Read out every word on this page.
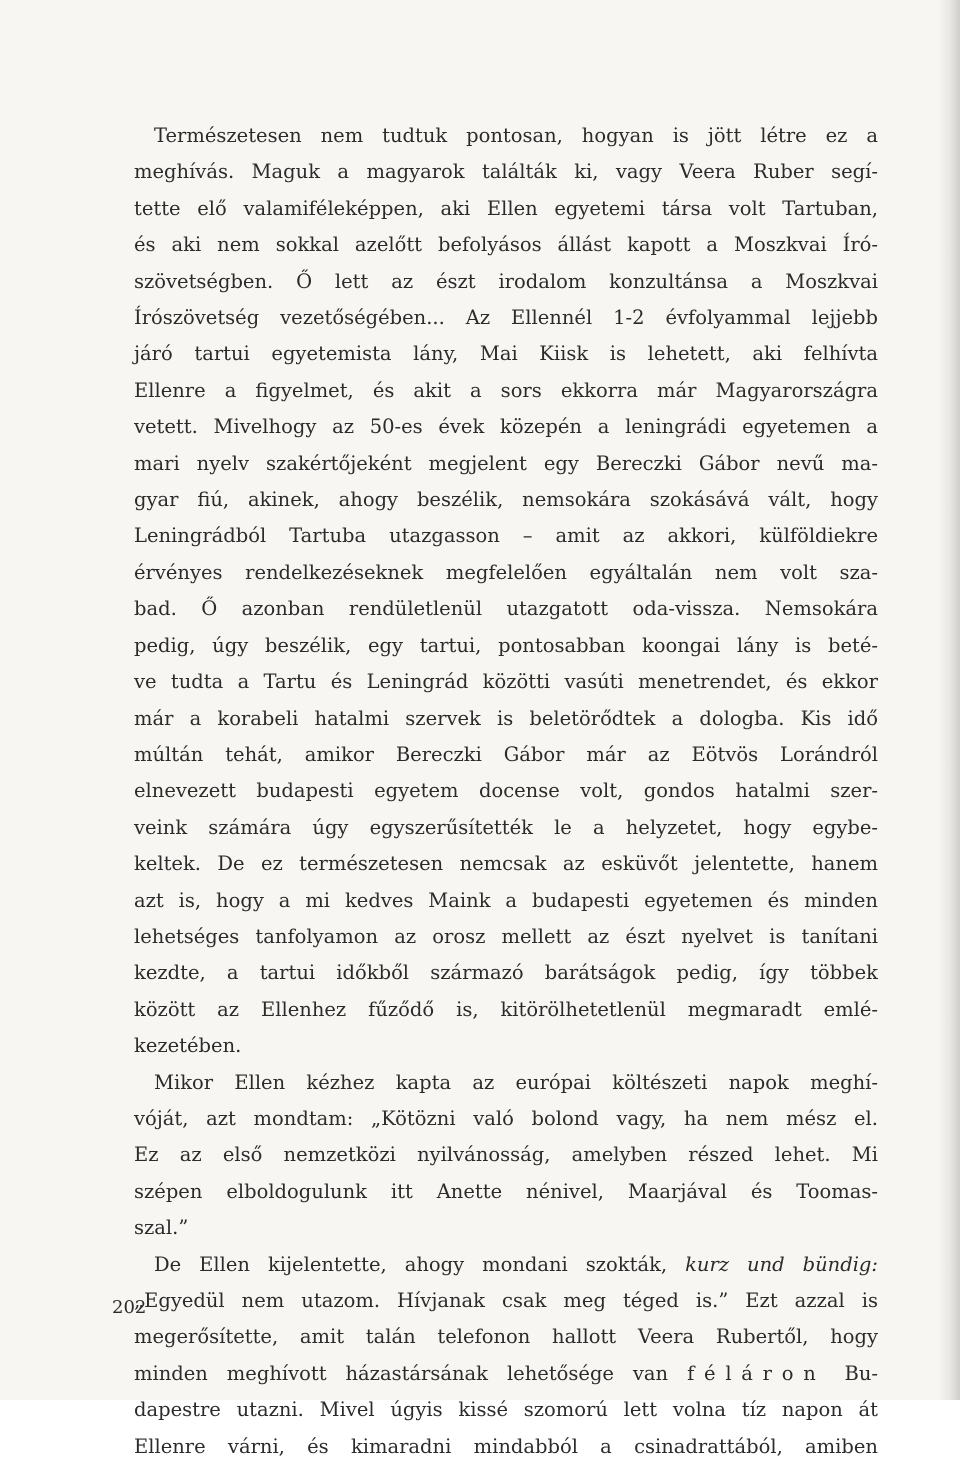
Természetesen nem tudtuk pontosan, hogyan is jött létre ez a
meghívás. Maguk a magyarok találták ki, vagy Veera Ruber segí-
tette elő valamiféleképpen, aki Ellen egyetemi társa volt Tartuban,
és aki nem sokkal azelőtt befolyásos állást kapott a Moszkvai Író-
szövetségben. Ő lett az észt irodalom konzultánsa a Moszkvai
Írószövetség vezetőségében... Az Ellennél 1-2 évfolyammal lejjebb
járó tartui egyetemista lány, Mai Kiisk is lehetett, aki felhívta
Ellenre a figyelmet, és akit a sors ekkorra már Magyarországra
vetett. Mivelhogy az 50-es évek közepén a leningrádi egyetemen a
mari nyelv szakértőjeként megjelent egy Bereczki Gábor nevű ma-
gyar fiú, akinek, ahogy beszélik, nemsokára szokásává vált, hogy
Leningrádból Tartuba utazgasson – amit az akkori, külföldiekre
érvényes rendelkezéseknek megfelelően egyáltalán nem volt sza-
bad. Ő azonban rendületlenül utazgatott oda-vissza. Nemsokára
pedig, úgy beszélik, egy tartui, pontosabban koongai lány is beté-
ve tudta a Tartu és Leningrád közötti vasúti menetrendet, és ekkor
már a korabeli hatalmi szervek is beletörődtek a dologba. Kis idő
múltán tehát, amikor Bereczki Gábor már az Eötvös Lorándról
elnevezett budapesti egyetem docense volt, gondos hatalmi szer-
veink számára úgy egyszerűsítették le a helyzetet, hogy egybe-
keltek. De ez természetesen nemcsak az esküvőt jelentette, hanem
azt is, hogy a mi kedves Maink a budapesti egyetemen és minden
lehetséges tanfolyamon az orosz mellett az észt nyelvet is tanítani
kezdte, a tartui időkből származó barátságok pedig, így többek
között az Ellenhez fűződő is, kitörölhetetlenül megmaradt emlé-
kezetében.
Mikor Ellen kézhez kapta az európai költészeti napok meghí-
vóját, azt mondtam: „Kötözni való bolond vagy, ha nem mész el.
Ez az első nemzetközi nyilvánosság, amelyben részed lehet. Mi
szépen elboldogulunk itt Anette nénivel, Maarjával és Toomas-
szal.”
De Ellen kijelentette, ahogy mondani szokták, kurz und bündig:
„Egyedül nem utazom. Hívjanak csak meg téged is.” Ezt azzal is
megerősítette, amit talán telefonon hallott Veera Rubertől, hogy
minden meghívott házastársának lehetősége van féláron Bu-
dapestre utazni. Mivel úgyis kissé szomorú lett volna tíz napon át
Ellenre várni, és kimaradni mindabból a csinadrattából, amiben
202
